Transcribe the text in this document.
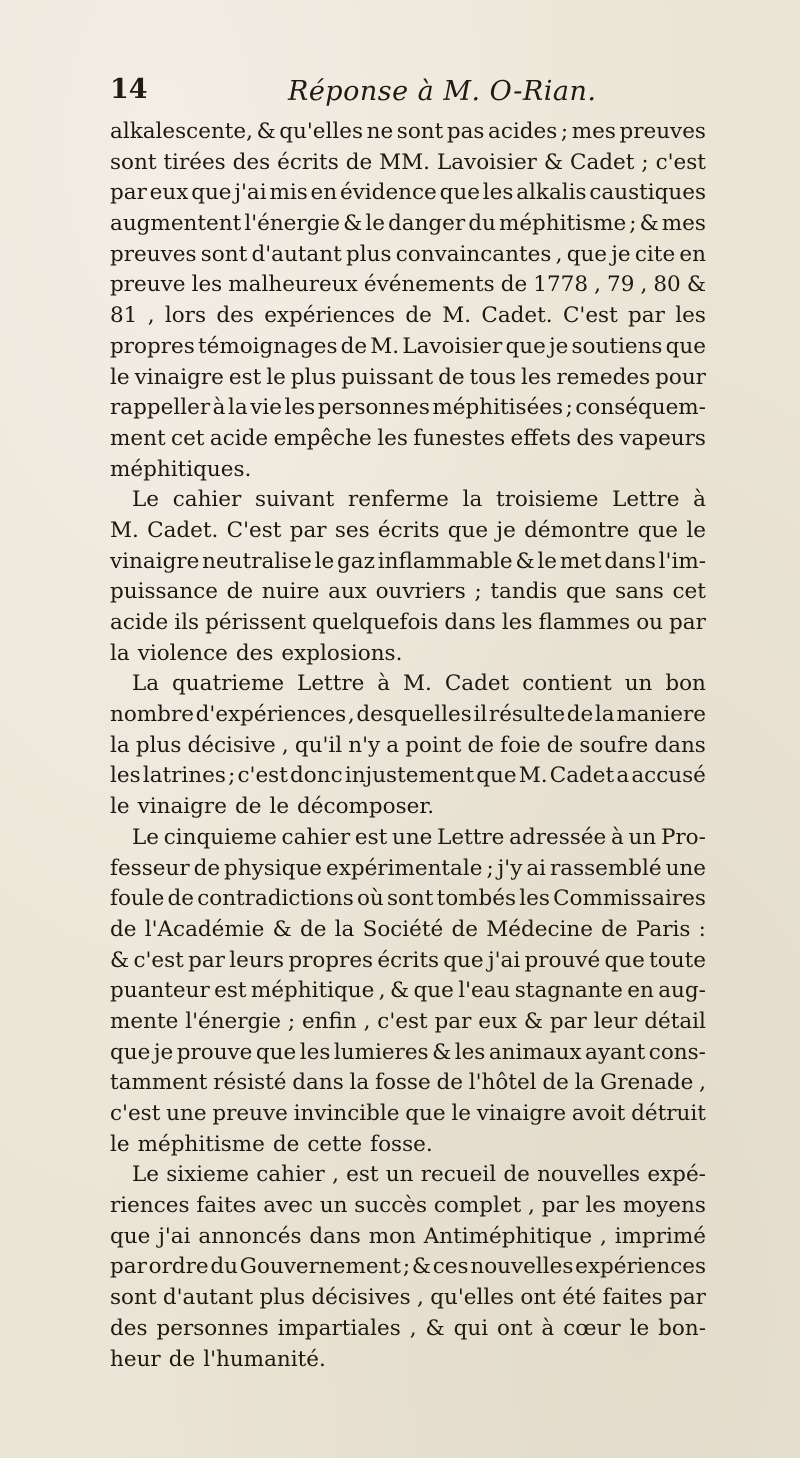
14	Réponse à M. O-Rian.
alkalescente, & qu'elles ne sont pas acides ; mes preuves
sont tirées des écrits de MM. Lavoisier & Cadet ; c'est
par eux que j'ai mis en évidence que les alkalis caustiques
augmentent l'énergie & le danger du méphitisme ; & mes
preuves sont d'autant plus convaincantes , que je cite en
preuve les malheureux événements de 1778 , 79 , 80 &
81 , lors des expériences de M. Cadet. C'est par les
propres témoignages de M. Lavoisier que je soutiens que
le vinaigre est le plus puissant de tous les remedes pour
rappeller à la vie les personnes méphitisées ; conséquem-
ment cet acide empêche les funestes effets des vapeurs
méphitiques.
Le cahier suivant renferme la troisieme Lettre à
M. Cadet. C'est par ses écrits que je démontre que le
vinaigre neutralise le gaz inflammable & le met dans l'im-
puissance de nuire aux ouvriers ; tandis que sans cet
acide ils périssent quelquefois dans les flammes ou par
la violence des explosions.
La quatrieme Lettre à M. Cadet contient un bon
nombre d'expériences , desquelles il résulte de la maniere
la plus décisive , qu'il n'y a point de foie de soufre dans
les latrines ; c'est donc injustement que M. Cadet a accusé
le vinaigre de le décomposer.
Le cinquieme cahier est une Lettre adressée à un Pro-
fesseur de physique expérimentale ; j'y ai rassemblé une
foule de contradictions où sont tombés les Commissaires
de l'Académie & de la Société de Médecine de Paris :
& c'est par leurs propres écrits que j'ai prouvé que toute
puanteur est méphitique , & que l'eau stagnante en aug-
mente l'énergie ; enfin , c'est par eux & par leur détail
que je prouve que les lumieres & les animaux ayant cons-
tamment résisté dans la fosse de l'hôtel de la Grenade ,
c'est une preuve invincible que le vinaigre avoit détruit
le méphitisme de cette fosse.
Le sixieme cahier , est un recueil de nouvelles expé-
riences faites avec un succès complet , par les moyens
que j'ai annoncés dans mon Antiméphitique , imprimé
par ordre du Gouvernement ; & ces nouvelles expériences
sont d'autant plus décisives , qu'elles ont été faites par
des personnes impartiales , & qui ont à cœur le bon-
heur de l'humanité.
